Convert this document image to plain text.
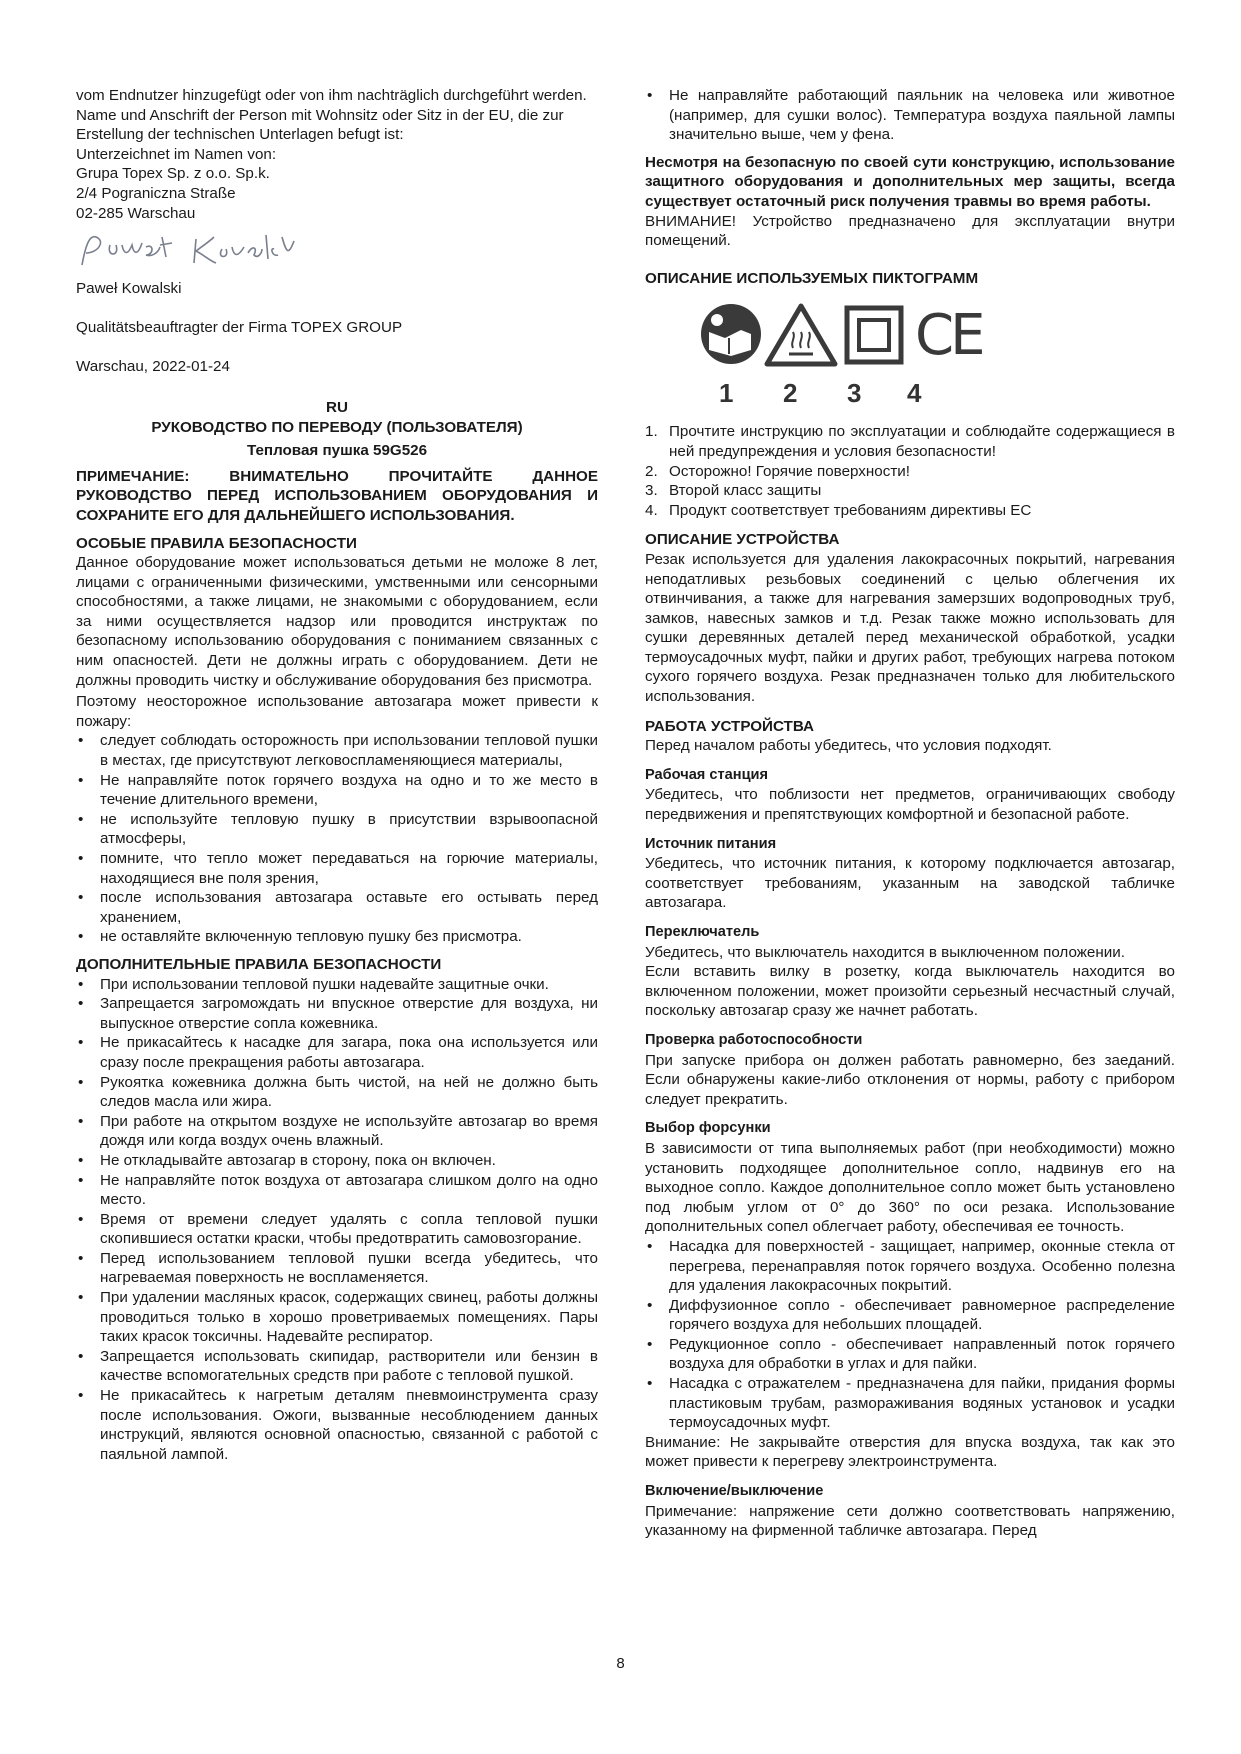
vom Endnutzer hinzugefügt oder von ihm nachträglich durchgeführt werden.

Name und Anschrift der Person mit Wohnsitz oder Sitz in der EU, die zur Erstellung der technischen Unterlagen befugt ist:

Unterzeichnet im Namen von:

Grupa Topex Sp. z o.o. Sp.k.

2/4 Pograniczna Straße

02-285 Warschau

Paweł Kowalski

Qualitätsbeauftragter der Firma TOPEX GROUP

Warschau, 2022-01-24

RU

РУКОВОДСТВО ПО ПЕРЕВОДУ (ПОЛЬЗОВАТЕЛЯ)

Тепловая пушка 59G526

ПРИМЕЧАНИЕ: ВНИМАТЕЛЬНО ПРОЧИТАЙТЕ ДАННОЕ РУКОВОДСТВО ПЕРЕД ИСПОЛЬЗОВАНИЕМ ОБОРУДОВАНИЯ И СОХРАНИТЕ ЕГО ДЛЯ ДАЛЬНЕЙШЕГО ИСПОЛЬЗОВАНИЯ.

ОСОБЫЕ ПРАВИЛА БЕЗОПАСНОСТИ

Данное оборудование может использоваться детьми не моложе 8 лет, лицами с ограниченными физическими, умственными или сенсорными способностями, а также лицами, не знакомыми с оборудованием, если за ними осуществляется надзор или проводится инструктаж по безопасному использованию оборудования с пониманием связанных с ним опасностей. Дети не должны играть с оборудованием. Дети не должны проводить чистку и обслуживание оборудования без присмотра.

Поэтому неосторожное использование автозагара может привести к пожару:

• следует соблюдать осторожность при использовании тепловой пушки в местах, где присутствуют легковоспламеняющиеся материалы,
• Не направляйте поток горячего воздуха на одно и то же место в течение длительного времени,
• не используйте тепловую пушку в присутствии взрывоопасной атмосферы,
• помните, что тепло может передаваться на горючие материалы, находящиеся вне поля зрения,
• после использования автозагара оставьте его остывать перед хранением,
• не оставляйте включенную тепловую пушку без присмотра.

ДОПОЛНИТЕЛЬНЫЕ ПРАВИЛА БЕЗОПАСНОСТИ

• При использовании тепловой пушки надевайте защитные очки.
• Запрещается загромождать ни впускное отверстие для воздуха, ни выпускное отверстие сопла кожевника.
• Не прикасайтесь к насадке для загара, пока она используется или сразу после прекращения работы автозагара.
• Рукоятка кожевника должна быть чистой, на ней не должно быть следов масла или жира.
• При работе на открытом воздухе не используйте автозагар во время дождя или когда воздух очень влажный.
• Не откладывайте автозагар в сторону, пока он включен.
• Не направляйте поток воздуха от автозагара слишком долго на одно место.
• Время от времени следует удалять с сопла тепловой пушки скопившиеся остатки краски, чтобы предотвратить самовозгорание.
• Перед использованием тепловой пушки всегда убедитесь, что нагреваемая поверхность не воспламеняется.
• При удалении масляных красок, содержащих свинец, работы должны проводиться только в хорошо проветриваемых помещениях. Пары таких красок токсичны. Надевайте респиратор.
• Запрещается использовать скипидар, растворители или бензин в качестве вспомогательных средств при работе с тепловой пушкой.
• Не прикасайтесь к нагретым деталям пневмоинструмента сразу после использования. Ожоги, вызванные несоблюдением данных инструкций, являются основной опасностью, связанной с работой с паяльной лампой.
• Не направляйте работающий паяльник на человека или животное (например, для сушки волос). Температура воздуха паяльной лампы значительно выше, чем у фена.

Несмотря на безопасную по своей сути конструкцию, использование защитного оборудования и дополнительных мер защиты, всегда существует остаточный риск получения травмы во время работы.

ВНИМАНИЕ! Устройство предназначено для эксплуатации внутри помещений.

ОПИСАНИЕ ИСПОЛЬЗУЕМЫХ ПИКТОГРАММ

CE
1 2 3 4
1. Прочтите инструкцию по эксплуатации и соблюдайте содержащиеся в ней предупреждения и условия безопасности!
2. Осторожно! Горячие поверхности!
3. Второй класс защиты
4. Продукт соответствует требованиям директивы ЕС

ОПИСАНИЕ УСТРОЙСТВА

Резак используется для удаления лакокрасочных покрытий, нагревания неподатливых резьбовых соединений с целью облегчения их отвинчивания, а также для нагревания замерзших водопроводных труб, замков, навесных замков и т.д. Резак также можно использовать для сушки деревянных деталей перед механической обработкой, усадки термоусадочных муфт, пайки и других работ, требующих нагрева потоком сухого горячего воздуха. Резак предназначен только для любительского использования.

РАБОТА УСТРОЙСТВА

Перед началом работы убедитесь, что условия подходят.

Рабочая станция

Убедитесь, что поблизости нет предметов, ограничивающих свободу передвижения и препятствующих комфортной и безопасной работе.

Источник питания

Убедитесь, что источник питания, к которому подключается автозагар, соответствует требованиям, указанным на заводской табличке автозагара.

Переключатель

Убедитесь, что выключатель находится в выключенном положении.

Если вставить вилку в розетку, когда выключатель находится во включенном положении, может произойти серьезный несчастный случай, поскольку автозагар сразу же начнет работать.

Проверка работоспособности

При запуске прибора он должен работать равномерно, без заеданий. Если обнаружены какие-либо отклонения от нормы, работу с прибором следует прекратить.

Выбор форсунки

В зависимости от типа выполняемых работ (при необходимости) можно установить подходящее дополнительное сопло, надвинув его на выходное сопло. Каждое дополнительное сопло может быть установлено под любым углом от 0° до 360° по оси резака. Использование дополнительных сопел облегчает работу, обеспечивая ее точность.

• Насадка для поверхностей - защищает, например, оконные стекла от перегрева, перенаправляя поток горячего воздуха. Особенно полезна для удаления лакокрасочных покрытий.
• Диффузионное сопло - обеспечивает равномерное распределение горячего воздуха для небольших площадей.
• Редукционное сопло - обеспечивает направленный поток горячего воздуха для обработки в углах и для пайки.
• Насадка с отражателем - предназначена для пайки, придания формы пластиковым трубам, размораживания водяных установок и усадки термоусадочных муфт.

Внимание: Не закрывайте отверстия для впуска воздуха, так как это может привести к перегреву электроинструмента.

Включение/выключение

Примечание: напряжение сети должно соответствовать напряжению, указанному на фирменной табличке автозагара. Перед

8
